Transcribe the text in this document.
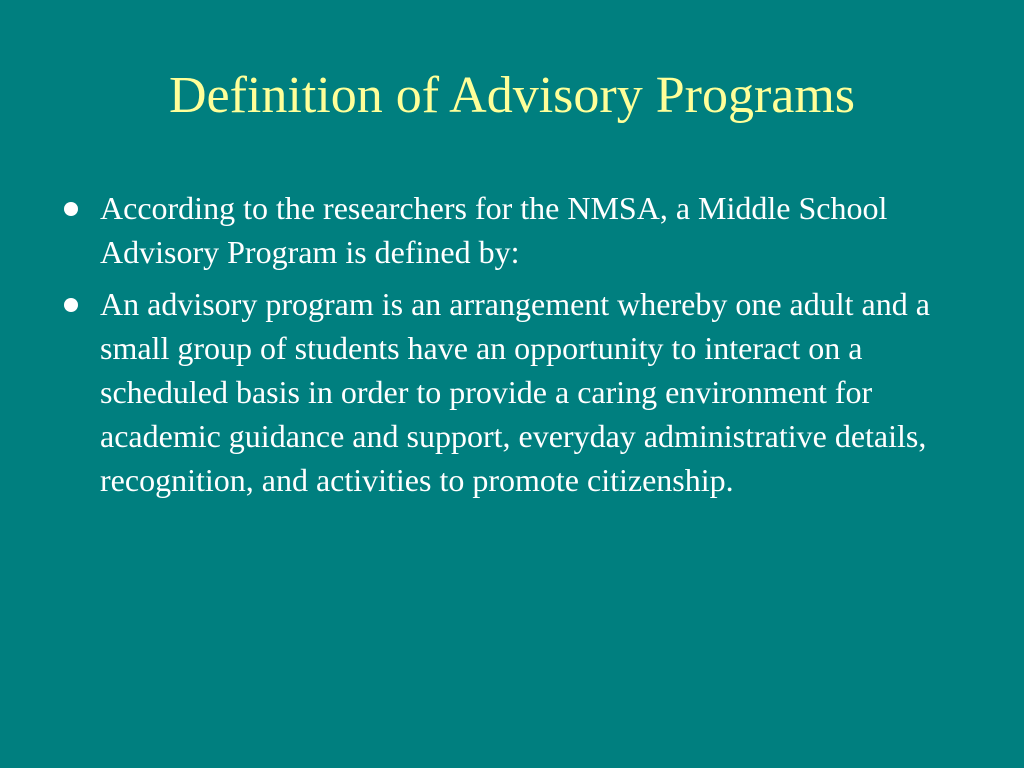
Definition of Advisory Programs
According to the researchers for the NMSA, a Middle School Advisory Program is defined by:
An advisory program is an arrangement whereby one adult and a small group of students have an opportunity to interact on a scheduled basis in order to provide a caring environment for academic guidance and support, everyday administrative details, recognition, and activities to promote citizenship.
